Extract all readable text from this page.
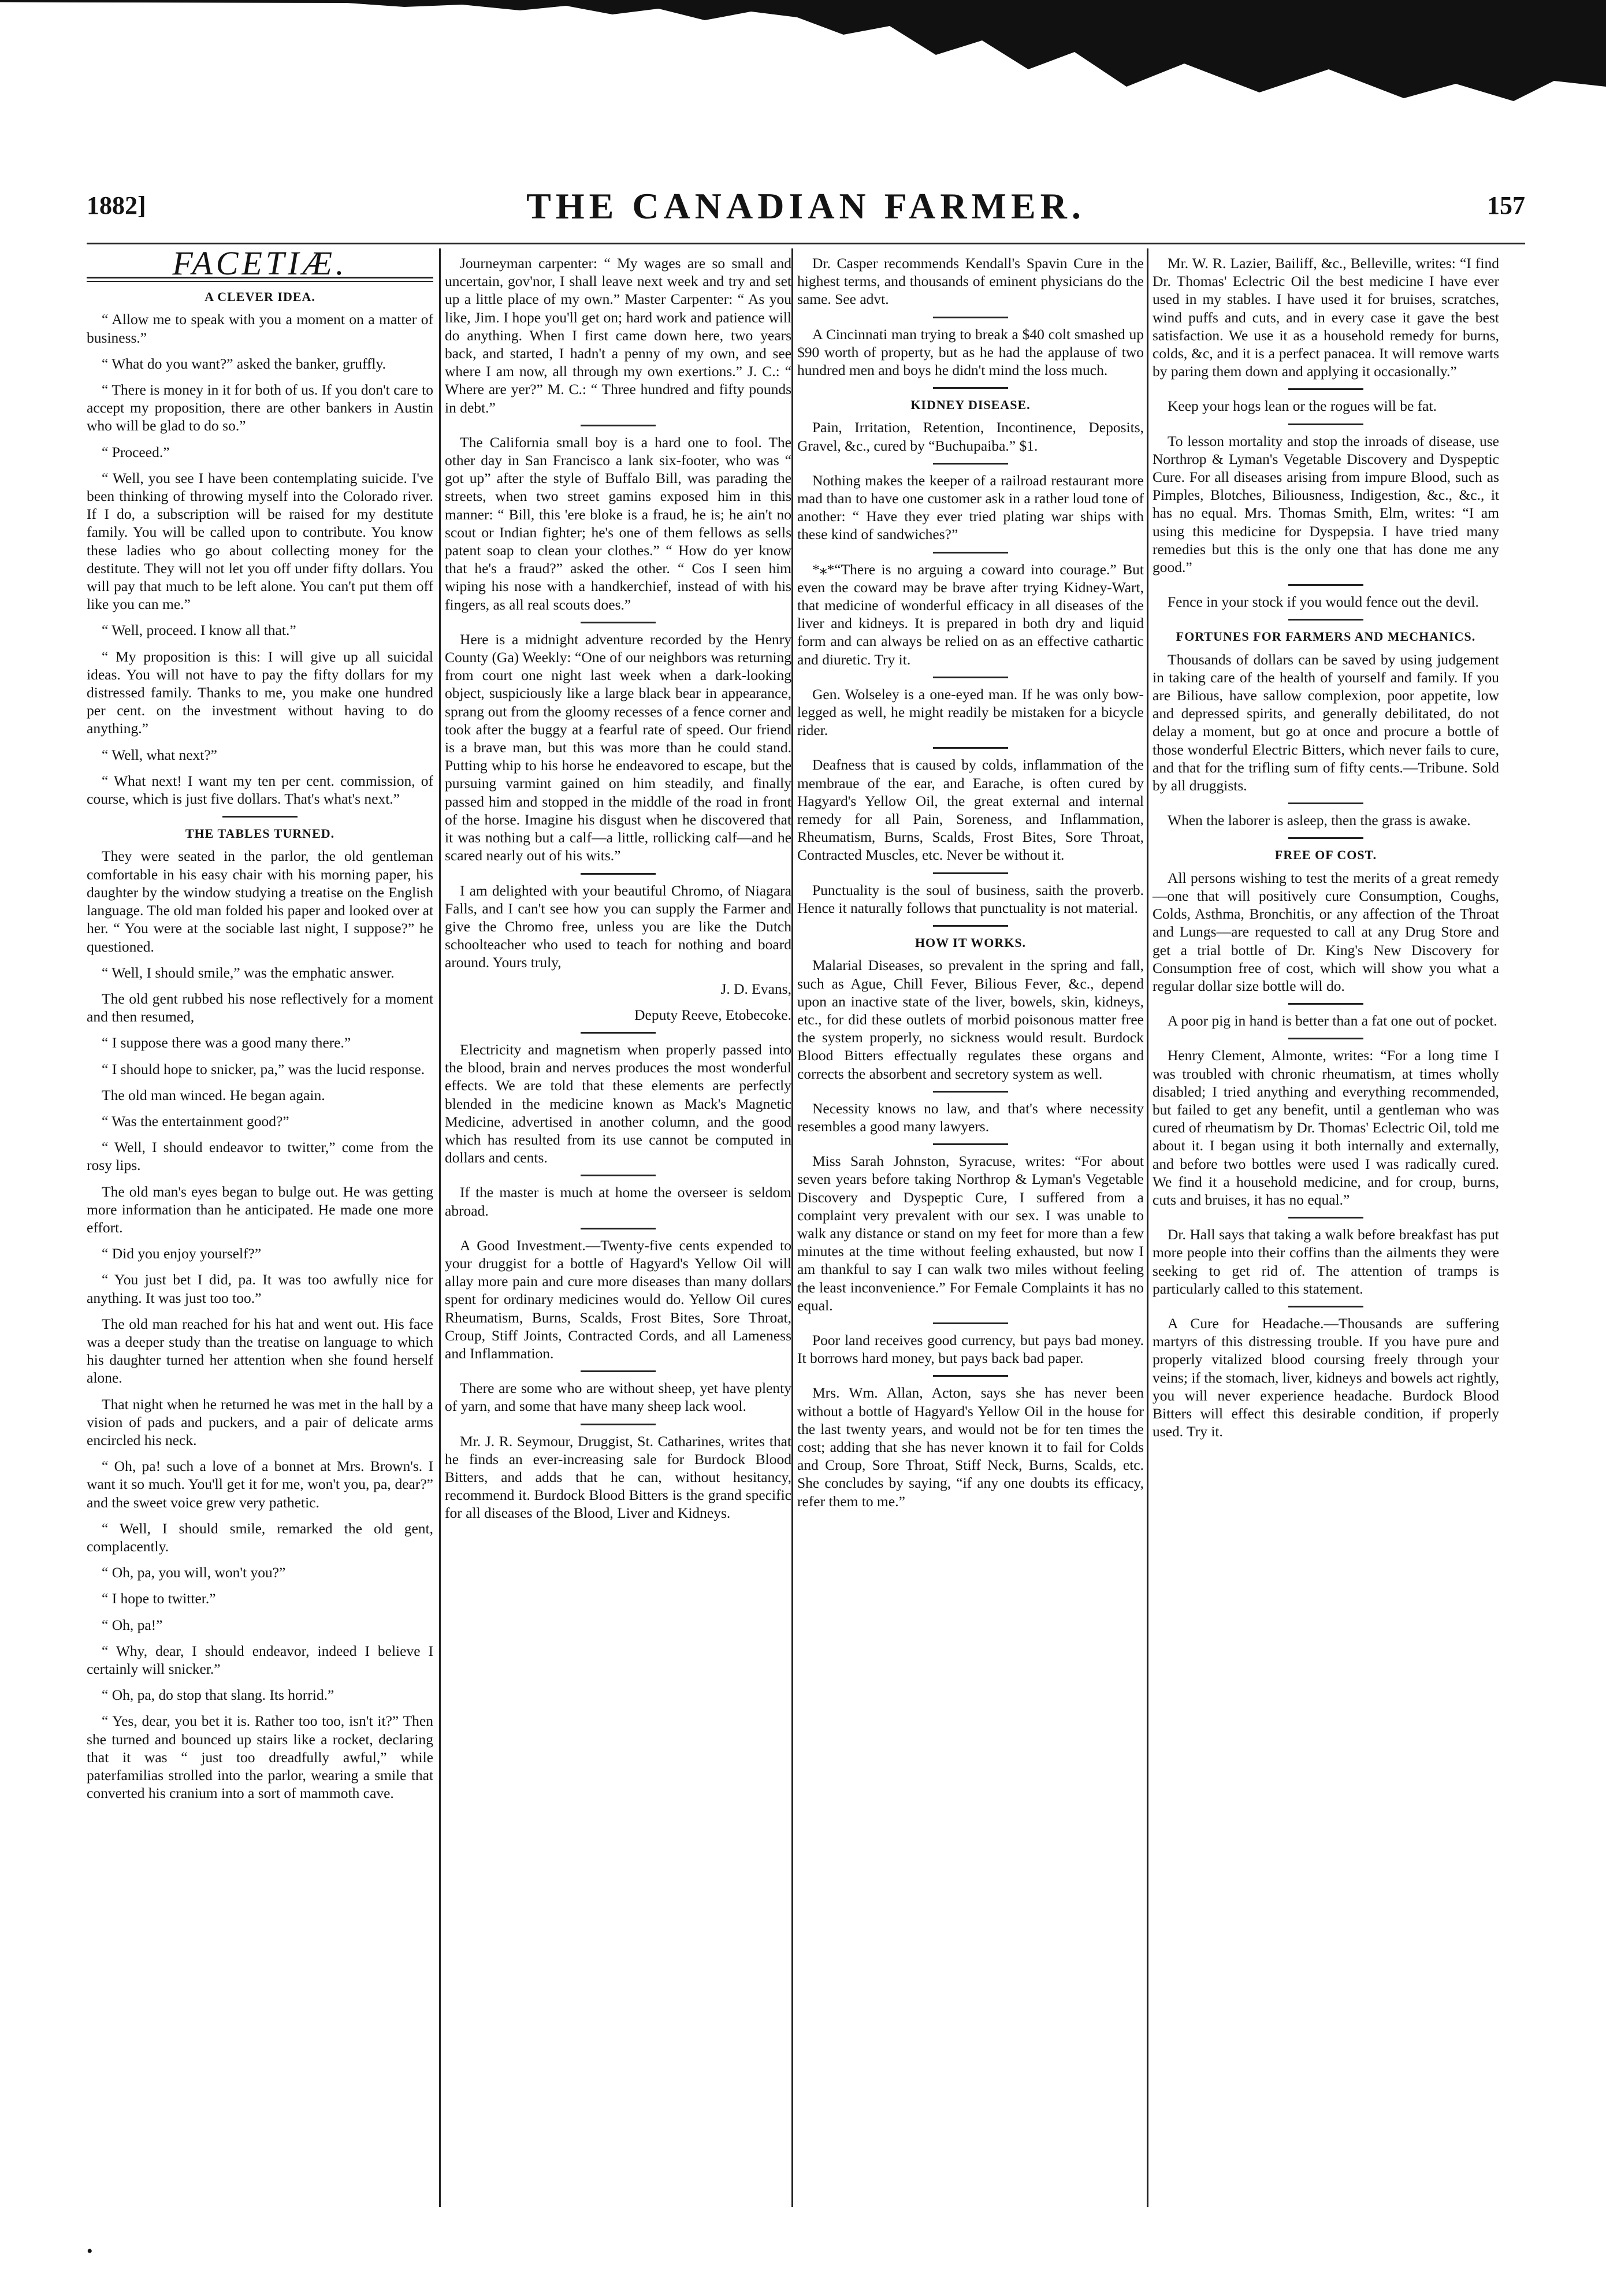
1882]	THE CANADIAN FARMER.	157
FACETIÆ.
A CLEVER IDEA.

“ Allow me to speak with you a moment on a matter of business.”

“ What do you want?” asked the banker, gruffly.

“ There is money in it for both of us. If you don't care to accept my proposition, there are other bankers in Austin who will be glad to do so.”

“ Proceed.”

“ Well, you see I have been contemplating suicide. I've been thinking of throwing myself into the Colorado river. If I do, a subscription will be raised for my destitute family. You will be called upon to contribute. You know these ladies who go about collecting money for the destitute. They will not let you off under fifty dollars. You will pay that much to be left alone. You can't put them off like you can me.”

“ Well, proceed. I know all that.”

“ My proposition is this: I will give up all suicidal ideas. You will not have to pay the fifty dollars for my distressed family. Thanks to me, you make one hundred per cent. on the investment without having to do anything.”

“ Well, what next?”

“ What next! I want my ten per cent. commission, of course, which is just five dollars. That's what's next.”

THE TABLES TURNED.

They were seated in the parlor, the old gentleman comfortable in his easy chair with his morning paper, his daughter by the window studying a treatise on the English language. The old man folded his paper and looked over at her. “ You were at the sociable last night, I suppose?” he questioned.

“ Well, I should smile,” was the emphatic answer.

The old gent rubbed his nose reflectively for a moment and then resumed,

“ I suppose there was a good many there.”

“ I should hope to snicker, pa,” was the lucid response.

The old man winced. He began again.

“ Was the entertainment good?”

“ Well, I should endeavor to twitter,” come from the rosy lips.

The old man's eyes began to bulge out. He was getting more information than he anticipated. He made one more effort.

“ Did you enjoy yourself?”

“ You just bet I did, pa. It was too awfully nice for anything. It was just too too.”

The old man reached for his hat and went out. His face was a deeper study than the treatise on language to which his daughter turned her attention when she found herself alone.

That night when he returned he was met in the hall by a vision of pads and puckers, and a pair of delicate arms encircled his neck.

“ Oh, pa! such a love of a bonnet at Mrs. Brown's. I want it so much. You'll get it for me, won't you, pa, dear?” and the sweet voice grew very pathetic.

“ Well, I should smile, remarked the old gent, complacently.

“ Oh, pa, you will, won't you?”

“ I hope to twitter.”

“ Oh, pa!”

“ Why, dear, I should endeavor, indeed I believe I certainly will snicker.”

“ Oh, pa, do stop that slang. Its horrid.”

“ Yes, dear, you bet it is. Rather too too, isn't it?” Then she turned and bounced up stairs like a rocket, declaring that it was “ just too dreadfully awful,” while paterfamilias strolled into the parlor, wearing a smile that converted his cranium into a sort of mammoth cave.

Journeyman carpenter: “ My wages are so small and uncertain, gov'nor, I shall leave next week and try and set up a little place of my own.” Master Carpenter: “ As you like, Jim. I hope you'll get on; hard work and patience will do anything. When I first came down here, two years back, and started, I hadn't a penny of my own, and see where I am now, all through my own exertions.” J. C.: “ Where are yer?” M. C.: “ Three hundred and fifty pounds in debt.”

The California small boy is a hard one to fool. The other day in San Francisco a lank six-footer, who was “ got up” after the style of Buffalo Bill, was parading the streets, when two street gamins exposed him in this manner: “ Bill, this 'ere bloke is a fraud, he is; he ain't no scout or Indian fighter; he's one of them fellows as sells patent soap to clean your clothes.” “ How do yer know that he's a fraud?” asked the other. “ Cos I seen him wiping his nose with a handkerchief, instead of with his fingers, as all real scouts does.”

Here is a midnight adventure recorded by the Henry County (Ga) Weekly: “One of our neighbors was returning from court one night last week when a dark-looking object, suspiciously like a large black bear in appearance, sprang out from the gloomy recesses of a fence corner and took after the buggy at a fearful rate of speed. Our friend is a brave man, but this was more than he could stand. Putting whip to his horse he endeavored to escape, but the pursuing varmint gained on him steadily, and finally passed him and stopped in the middle of the road in front of the horse. Imagine his disgust when he discovered that it was nothing but a calf—a little, rollicking calf—and he scared nearly out of his wits.”

I am delighted with your beautiful Chromo, of Niagara Falls, and I can't see how you can supply the Farmer and give the Chromo free, unless you are like the Dutch schoolteacher who used to teach for nothing and board around. Yours truly,

J. D. Evans,

Deputy Reeve, Etobecoke.

Electricity and magnetism when properly passed into the blood, brain and nerves produces the most wonderful effects. We are told that these elements are perfectly blended in the medicine known as Mack's Magnetic Medicine, advertised in another column, and the good which has resulted from its use cannot be computed in dollars and cents.

If the master is much at home the overseer is seldom abroad.

A Good Investment.—Twenty-five cents expended to your druggist for a bottle of Hagyard's Yellow Oil will allay more pain and cure more diseases than many dollars spent for ordinary medicines would do. Yellow Oil cures Rheumatism, Burns, Scalds, Frost Bites, Sore Throat, Croup, Stiff Joints, Contracted Cords, and all Lameness and Inflammation.

There are some who are without sheep, yet have plenty of yarn, and some that have many sheep lack wool.

Mr. J. R. Seymour, Druggist, St. Catharines, writes that he finds an ever-increasing sale for Burdock Blood Bitters, and adds that he can, without hesitancy, recommend it. Burdock Blood Bitters is the grand specific for all diseases of the Blood, Liver and Kidneys.

Dr. Casper recommends Kendall's Spavin Cure in the highest terms, and thousands of eminent physicians do the same. See advt.

A Cincinnati man trying to break a $40 colt smashed up $90 worth of property, but as he had the applause of two hundred men and boys he didn't mind the loss much.

KIDNEY DISEASE.

Pain, Irritation, Retention, Incontinence, Deposits, Gravel, &c., cured by “Buchupaiba.” $1.

Nothing makes the keeper of a railroad restaurant more mad than to have one customer ask in a rather loud tone of another: “ Have they ever tried plating war ships with these kind of sandwiches?”

*⁎*“There is no arguing a coward into courage.” But even the coward may be brave after trying Kidney-Wart, that medicine of wonderful efficacy in all diseases of the liver and kidneys. It is prepared in both dry and liquid form and can always be relied on as an effective cathartic and diuretic. Try it.

Gen. Wolseley is a one-eyed man. If he was only bow-legged as well, he might readily be mistaken for a bicycle rider.

Deafness that is caused by colds, inflammation of the membraue of the ear, and Earache, is often cured by Hagyard's Yellow Oil, the great external and internal remedy for all Pain, Soreness, and Inflammation, Rheumatism, Burns, Scalds, Frost Bites, Sore Throat, Contracted Muscles, etc. Never be without it.

Punctuality is the soul of business, saith the proverb. Hence it naturally follows that punctuality is not material.

HOW IT WORKS.

Malarial Diseases, so prevalent in the spring and fall, such as Ague, Chill Fever, Bilious Fever, &c., depend upon an inactive state of the liver, bowels, skin, kidneys, etc., for did these outlets of morbid poisonous matter free the system properly, no sickness would result. Burdock Blood Bitters effectually regulates these organs and corrects the absorbent and secretory system as well.

Necessity knows no law, and that's where necessity resembles a good many lawyers.

Miss Sarah Johnston, Syracuse, writes: “For about seven years before taking Northrop & Lyman's Vegetable Discovery and Dyspeptic Cure, I suffered from a complaint very prevalent with our sex. I was unable to walk any distance or stand on my feet for more than a few minutes at the time without feeling exhausted, but now I am thankful to say I can walk two miles without feeling the least inconvenience.” For Female Complaints it has no equal.

Poor land receives good currency, but pays bad money. It borrows hard money, but pays back bad paper.

Mrs. Wm. Allan, Acton, says she has never been without a bottle of Hagyard's Yellow Oil in the house for the last twenty years, and would not be for ten times the cost; adding that she has never known it to fail for Colds and Croup, Sore Throat, Stiff Neck, Burns, Scalds, etc. She concludes by saying, “if any one doubts its efficacy, refer them to me.”

Mr. W. R. Lazier, Bailiff, &c., Belleville, writes: “I find Dr. Thomas' Eclectric Oil the best medicine I have ever used in my stables. I have used it for bruises, scratches, wind puffs and cuts, and in every case it gave the best satisfaction. We use it as a household remedy for burns, colds, &c, and it is a perfect panacea. It will remove warts by paring them down and applying it occasionally.”

Keep your hogs lean or the rogues will be fat.

To lesson mortality and stop the inroads of disease, use Northrop & Lyman's Vegetable Discovery and Dyspeptic Cure. For all diseases arising from impure Blood, such as Pimples, Blotches, Biliousness, Indigestion, &c., &c., it has no equal. Mrs. Thomas Smith, Elm, writes: “I am using this medicine for Dyspepsia. I have tried many remedies but this is the only one that has done me any good.”

Fence in your stock if you would fence out the devil.

FORTUNES FOR FARMERS AND MECHANICS.

Thousands of dollars can be saved by using judgement in taking care of the health of yourself and family. If you are Bilious, have sallow complexion, poor appetite, low and depressed spirits, and generally debilitated, do not delay a moment, but go at once and procure a bottle of those wonderful Electric Bitters, which never fails to cure, and that for the trifling sum of fifty cents.—Tribune. Sold by all druggists.

When the laborer is asleep, then the grass is awake.

FREE OF COST.

All persons wishing to test the merits of a great remedy—one that will positively cure Consumption, Coughs, Colds, Asthma, Bronchitis, or any affection of the Throat and Lungs—are requested to call at any Drug Store and get a trial bottle of Dr. King's New Discovery for Consumption free of cost, which will show you what a regular dollar size bottle will do.

A poor pig in hand is better than a fat one out of pocket.

Henry Clement, Almonte, writes: “For a long time I was troubled with chronic rheumatism, at times wholly disabled; I tried anything and everything recommended, but failed to get any benefit, until a gentleman who was cured of rheumatism by Dr. Thomas' Eclectric Oil, told me about it. I began using it both internally and externally, and before two bottles were used I was radically cured. We find it a household medicine, and for croup, burns, cuts and bruises, it has no equal.”

Dr. Hall says that taking a walk before breakfast has put more people into their coffins than the ailments they were seeking to get rid of. The attention of tramps is particularly called to this statement.

A Cure for Headache.—Thousands are suffering martyrs of this distressing trouble. If you have pure and properly vitalized blood coursing freely through your veins; if the stomach, liver, kidneys and bowels act rightly, you will never experience headache. Burdock Blood Bitters will effect this desirable condition, if properly used. Try it.

•
